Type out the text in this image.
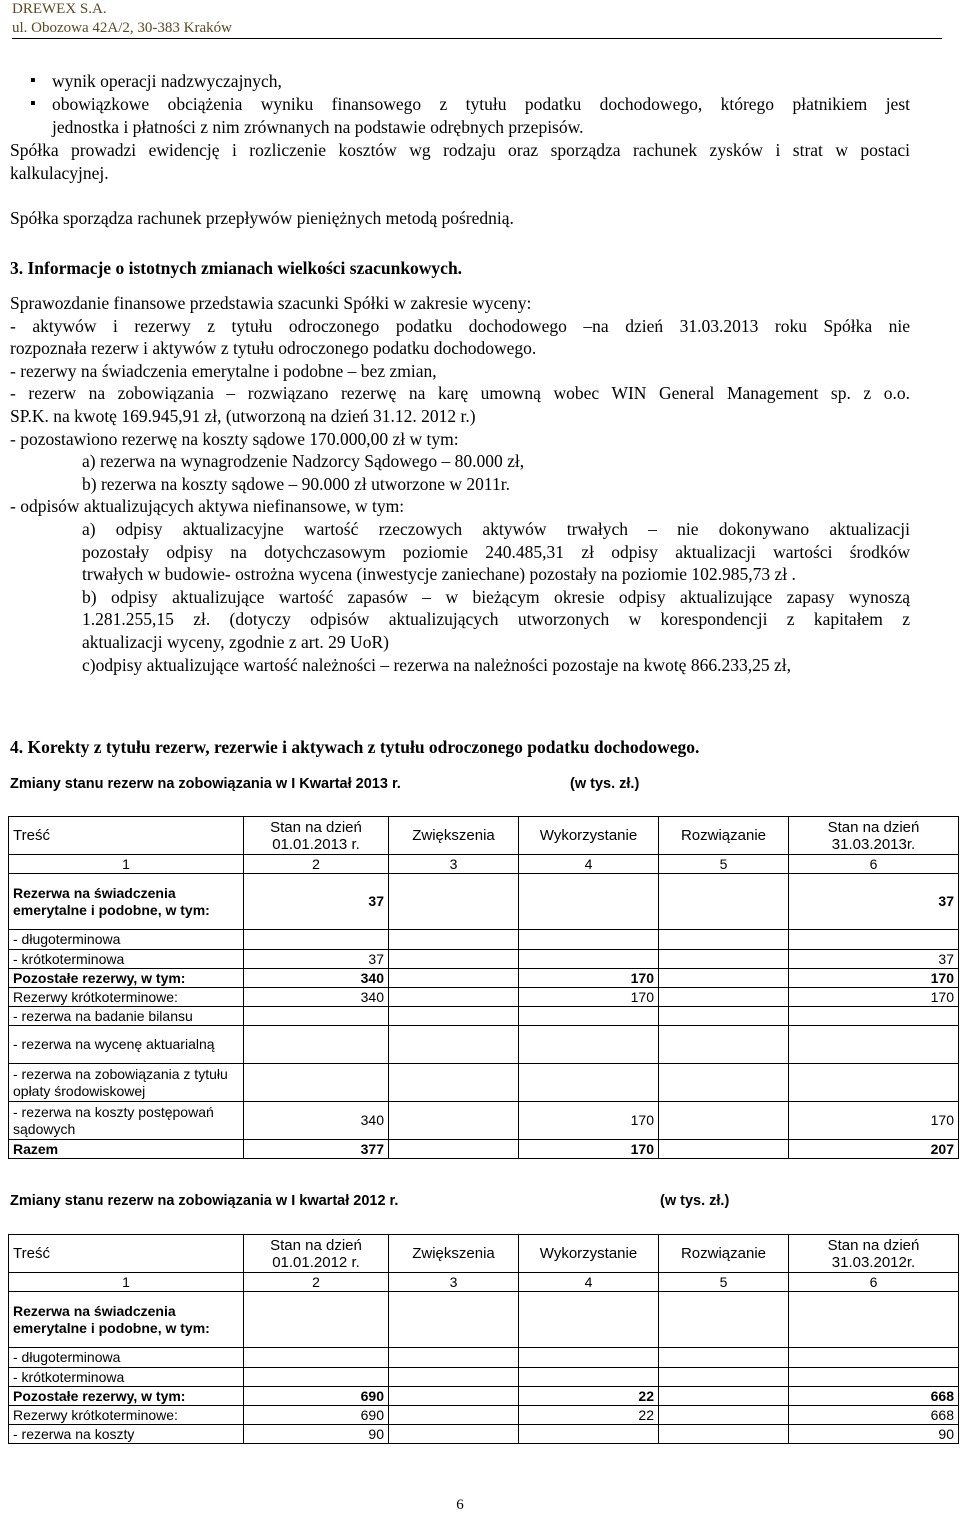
DREWEX S.A.
ul. Obozowa 42A/2, 30-383 Kraków
▪ wynik operacji nadzwyczajnych,
▪ obowiązkowe obciążenia wyniku finansowego z tytułu podatku dochodowego, którego płatnikiem jest
jednostka i płatności z nim zrównanych na podstawie odrębnych przepisów.
Spółka prowadzi ewidencję i rozliczenie kosztów wg rodzaju oraz sporządza rachunek zysków i strat w postaci
kalkulacyjnej.
Spółka sporządza rachunek przepływów pieniężnych metodą pośrednią.
3. Informacje o istotnych zmianach wielkości szacunkowych.
Sprawozdanie finansowe przedstawia szacunki Spółki w zakresie wyceny:
- aktywów i rezerwy z tytułu odroczonego podatku dochodowego –na dzień 31.03.2013 roku Spółka nie
rozpoznała rezerw i aktywów z tytułu odroczonego podatku dochodowego.
- rezerwy na świadczenia emerytalne i podobne – bez zmian,
- rezerw na zobowiązania – rozwiązano rezerwę na karę umowną wobec WIN General Management sp. z o.o.
SP.K. na kwotę 169.945,91 zł, (utworzoną na dzień 31.12. 2012 r.)
- pozostawiono rezerwę na koszty sądowe 170.000,00 zł w tym:
a) rezerwa na wynagrodzenie Nadzorcy Sądowego – 80.000 zł,
b) rezerwa na koszty sądowe – 90.000 zł utworzone w 2011r.
- odpisów aktualizujących aktywa niefinansowe, w tym:
a) odpisy aktualizacyjne wartość rzeczowych aktywów trwałych – nie dokonywano aktualizacji
pozostały odpisy na dotychczasowym poziomie 240.485,31 zł odpisy aktualizacji wartości środków
trwałych w budowie- ostrożna wycena (inwestycje zaniechane) pozostały na poziomie 102.985,73 zł .
b) odpisy aktualizujące wartość zapasów – w bieżącym okresie odpisy aktualizujące zapasy wynoszą
1.281.255,15 zł. (dotyczy odpisów aktualizujących utworzonych w korespondencji z kapitałem z
aktualizacji wyceny, zgodnie z art. 29 UoR)
c)odpisy aktualizujące wartość należności – rezerwa na należności pozostaje na kwotę 866.233,25 zł,
4. Korekty z tytułu rezerw, rezerwie i aktywach z tytułu odroczonego podatku dochodowego.
Zmiany stanu rezerw na zobowiązania w I Kwartał 2013 r.	(w tys. zł.)
Treść	Stan na dzień 01.01.2013 r.	Zwiększenia	Wykorzystanie	Rozwiązanie	Stan na dzień 31.03.2013r.
1	2	3	4	5	6
Rezerwa na świadczenia emerytalne i podobne, w tym:	37				37
- długoterminowa					
- krótkoterminowa	37				37
Pozostałe rezerwy, w tym:	340		170		170
Rezerwy krótkoterminowe:	340		170		170
- rezerwa na badanie bilansu					
- rezerwa na wycenę aktuarialną					
- rezerwa na zobowiązania z tytułu opłaty środowiskowej					
- rezerwa na koszty postępowań sądowych	340		170		170
Razem	377		170		207
Zmiany stanu rezerw na zobowiązania w I kwartał 2012 r.	(w tys. zł.)
Treść	Stan na dzień 01.01.2012 r.	Zwiększenia	Wykorzystanie	Rozwiązanie	Stan na dzień 31.03.2012r.
1	2	3	4	5	6
Rezerwa na świadczenia emerytalne i podobne, w tym:					
- długoterminowa					
- krótkoterminowa					
Pozostałe rezerwy, w tym:	690		22		668
Rezerwy krótkoterminowe:	690		22		668
- rezerwa na koszty	90				90
6
